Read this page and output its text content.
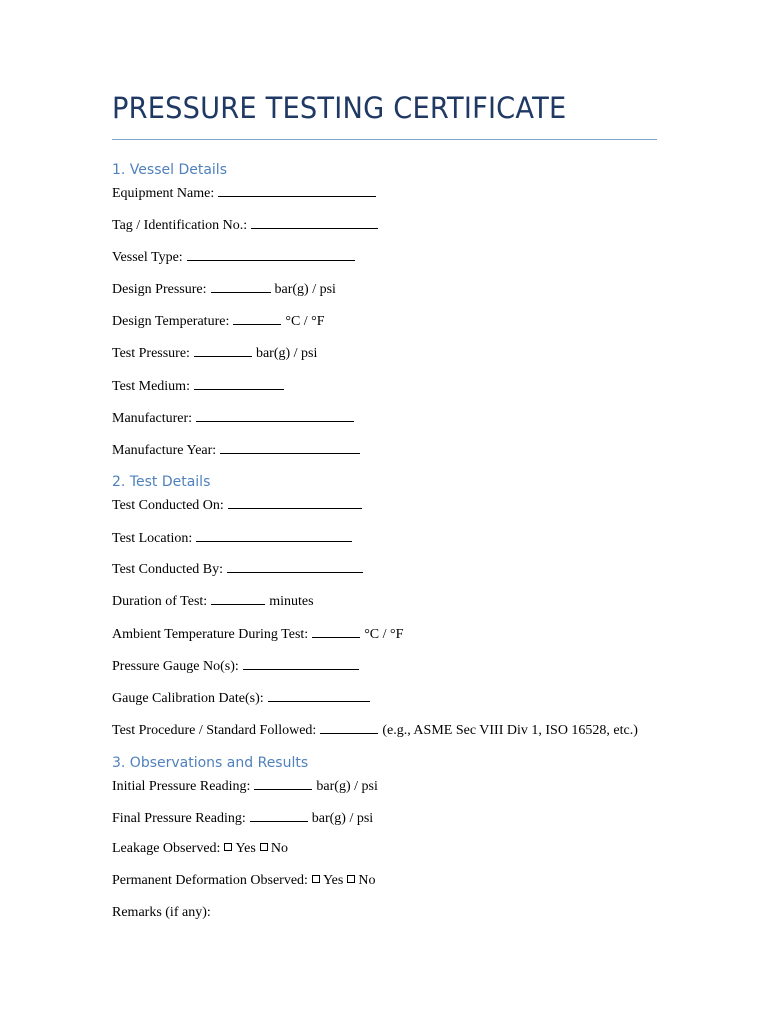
PRESSURE TESTING CERTIFICATE
1. Vessel Details
Equipment Name:
Tag / Identification No.:
Vessel Type:
Design Pressure:	bar(g) / psi
Design Temperature:	°C / °F
Test Pressure:	bar(g) / psi
Test Medium:
Manufacturer:
Manufacture Year:
2. Test Details
Test Conducted On:
Test Location:
Test Conducted By:
Duration of Test:	minutes
Ambient Temperature During Test:	°C / °F
Pressure Gauge No(s):
Gauge Calibration Date(s):
Test Procedure / Standard Followed:	(e.g., ASME Sec VIII Div 1, ISO 16528, etc.)
3. Observations and Results
Initial Pressure Reading:	bar(g) / psi
Final Pressure Reading:	bar(g) / psi
Leakage Observed: Yes No
Permanent Deformation Observed: Yes No
Remarks (if any):
